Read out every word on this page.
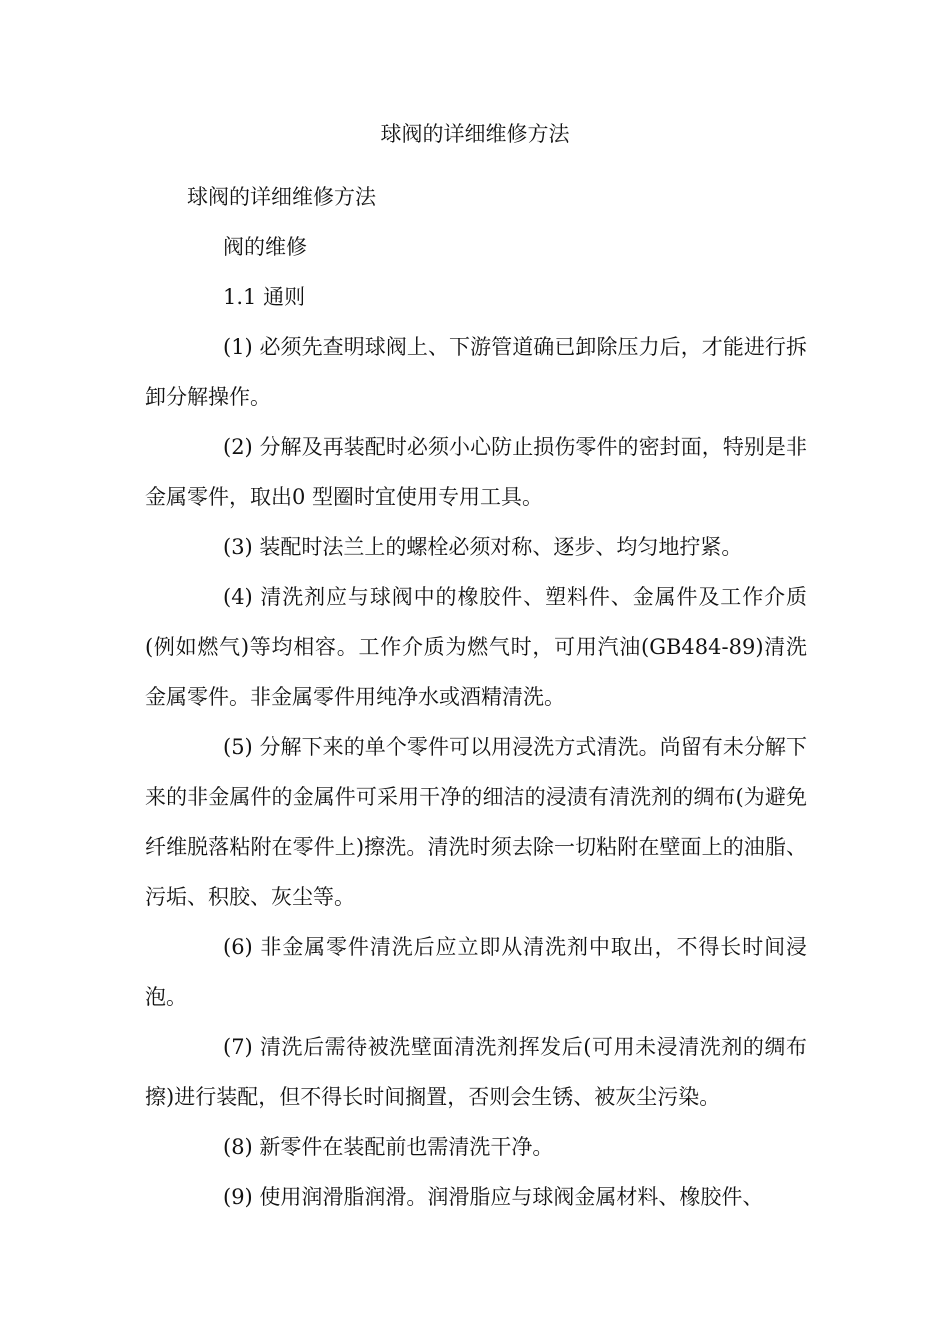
球阀的详细维修方法

球阀的详细维修方法

阀的维修

1.1 通则

(1) 必须先查明球阀上、下游管道确已卸除压力后，才能进行拆卸分解操作。

(2) 分解及再装配时必须小心防止损伤零件的密封面，特别是非金属零件，取出0 型圈时宜使用专用工具。

(3) 装配时法兰上的螺栓必须对称、逐步、均匀地拧紧。

(4) 清洗剂应与球阀中的橡胶件、塑料件、金属件及工作介质(例如燃气)等均相容。工作介质为燃气时，可用汽油(GB484-89)清洗金属零件。非金属零件用纯净水或酒精清洗。

(5) 分解下来的单个零件可以用浸洗方式清洗。尚留有未分解下来的非金属件的金属件可采用干净的细洁的浸渍有清洗剂的绸布(为避免纤维脱落粘附在零件上)擦洗。清洗时须去除一切粘附在壁面上的油脂、污垢、积胶、灰尘等。

(6) 非金属零件清洗后应立即从清洗剂中取出，不得长时间浸泡。

(7) 清洗后需待被洗壁面清洗剂挥发后(可用未浸清洗剂的绸布擦)进行装配，但不得长时间搁置，否则会生锈、被灰尘污染。

(8) 新零件在装配前也需清洗干净。

(9) 使用润滑脂润滑。润滑脂应与球阀金属材料、橡胶件、
